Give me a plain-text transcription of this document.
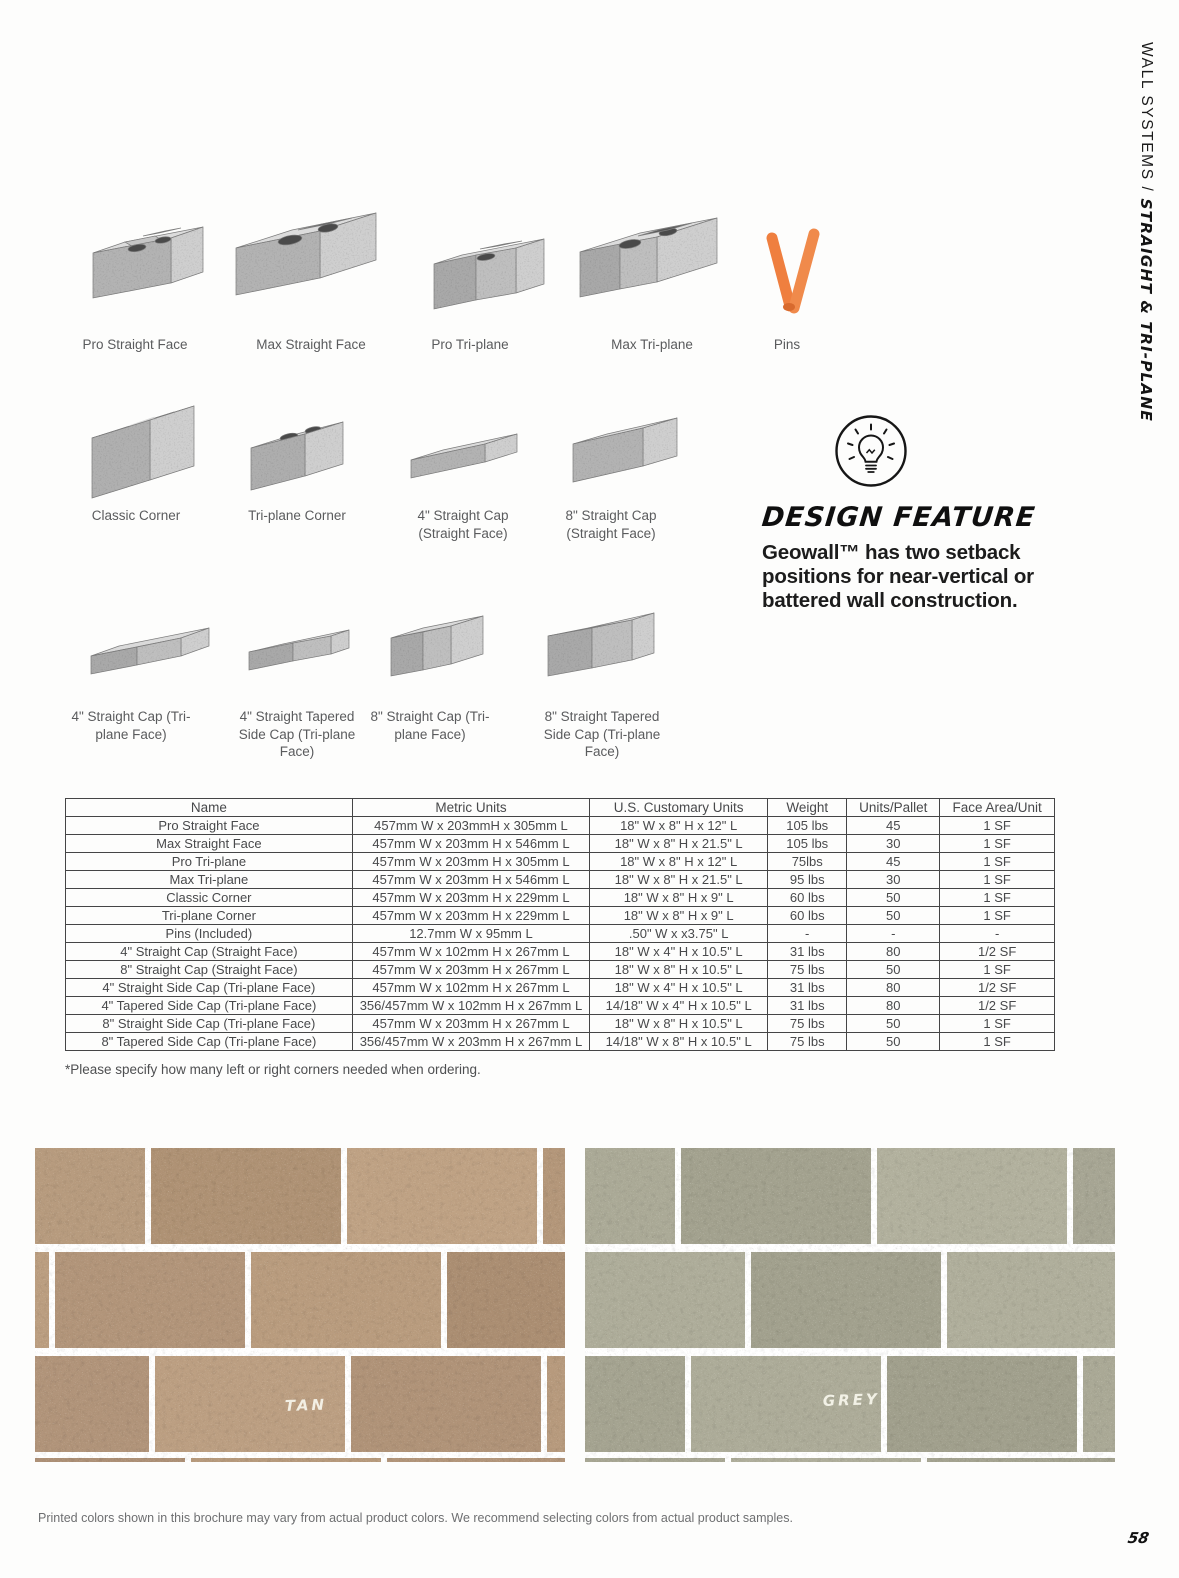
Pro Straight Face	Max Straight Face	Pro Tri-plane	Max Tri-plane	Pins
Classic Corner	Tri-plane Corner	4" Straight Cap (Straight Face)
8" Straight Cap (Straight Face)
DESIGN FEATURE
Geowall™ has two setback positions for near-vertical or battered wall construction.
4" Straight Cap (Tri-plane Face)
4" Straight Tapered Side Cap (Tri-plane Face)
8" Straight Cap (Tri-plane Face)
8" Straight Tapered Side Cap (Tri-plane Face)
Name	Metric Units	U.S. Customary Units	Weight	Units/Pallet	Face Area/Unit
Pro Straight Face	457mm W x 203mmH x 305mm L	18" W x 8" H x 12" L	105 lbs	45	1 SF
Max Straight Face	457mm W x 203mm H x 546mm L	18" W x 8" H x 21.5" L	105 lbs	30	1 SF
Pro Tri-plane	457mm W x 203mm H x 305mm L	18" W x 8" H x 12" L	75lbs	45	1 SF
Max Tri-plane	457mm W x 203mm H x 546mm L	18" W x 8" H x 21.5" L	95 lbs	30	1 SF
Classic Corner	457mm W x 203mm H x 229mm L	18" W x 8" H x 9" L	60 lbs	50	1 SF
Tri-plane Corner	457mm W x 203mm H x 229mm L	18" W x 8" H x 9" L	60 lbs	50	1 SF
Pins (Included)	12.7mm W x 95mm L	.50" W x x3.75" L	-	-	-
4" Straight Cap (Straight Face)	457mm W x 102mm H x 267mm L	18" W x 4" H x 10.5" L	31 lbs	80	1/2 SF
8" Straight Cap (Straight Face)	457mm W x 203mm H x 267mm L	18" W x 8" H x 10.5" L	75 lbs	50	1 SF
4" Straight Side Cap (Tri-plane Face)	457mm W x 102mm H x 267mm L	18" W x 4" H x 10.5" L	31 lbs	80	1/2 SF
4" Tapered Side Cap (Tri-plane Face)	356/457mm W x 102mm H x 267mm L	14/18" W x 4" H x 10.5" L	31 lbs	80	1/2 SF
8" Straight Side Cap (Tri-plane Face)	457mm W x 203mm H x 267mm L	18" W x 8" H x 10.5" L	75 lbs	50	1 SF
8" Tapered Side Cap (Tri-plane Face)	356/457mm W x 203mm H x 267mm L	14/18" W x 8" H x 10.5" L	75 lbs	50	1 SF
*Please specify how many left or right corners needed when ordering.
TAN	GREY
Printed colors shown in this brochure may vary from actual product colors. We recommend selecting colors from actual product samples.
58
WALL SYSTEMS / STRAIGHT & TRI-PLANE
